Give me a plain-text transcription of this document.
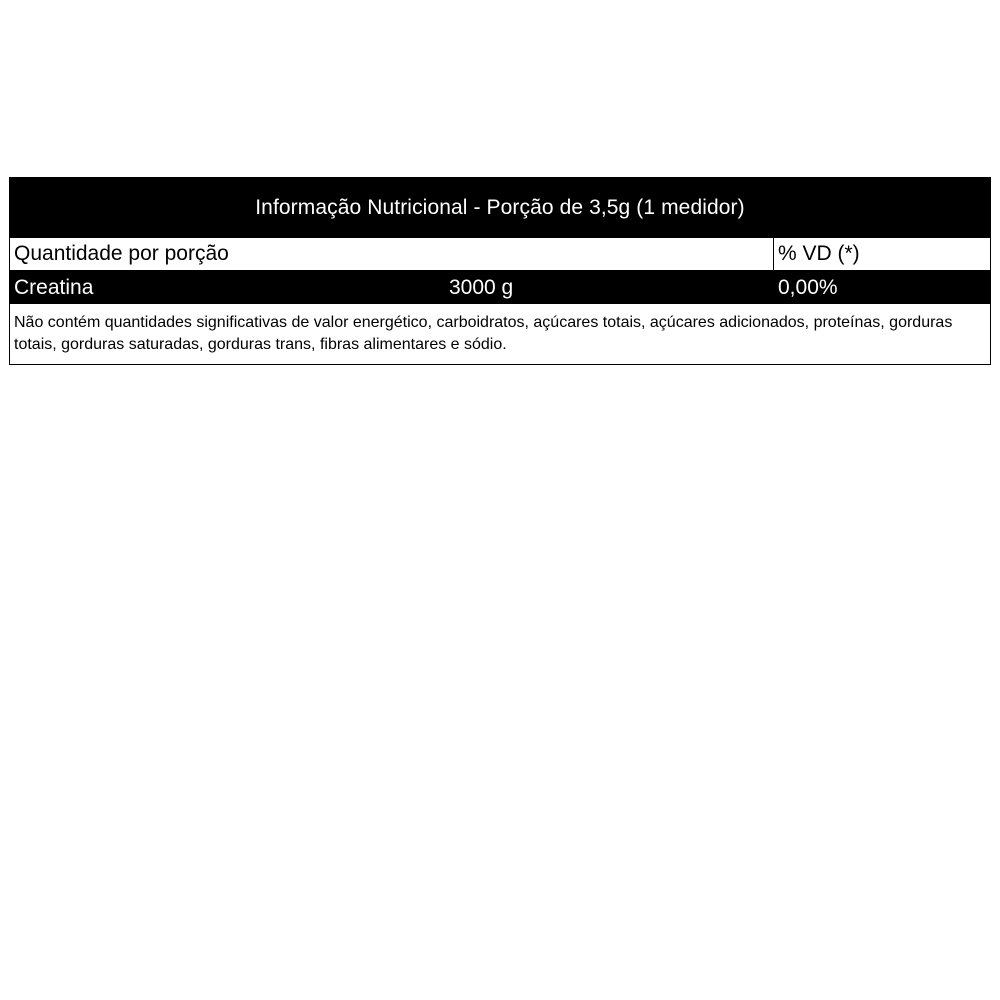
Informação Nutricional - Porção de 3,5g (1 medidor)
Quantidade por porção	% VD (*)
Creatina	3000 g	0,00%
Não contém quantidades significativas de valor energético, carboidratos, açúcares totais, açúcares adicionados, proteínas, gorduras totais, gorduras saturadas, gorduras trans, fibras alimentares e sódio.
